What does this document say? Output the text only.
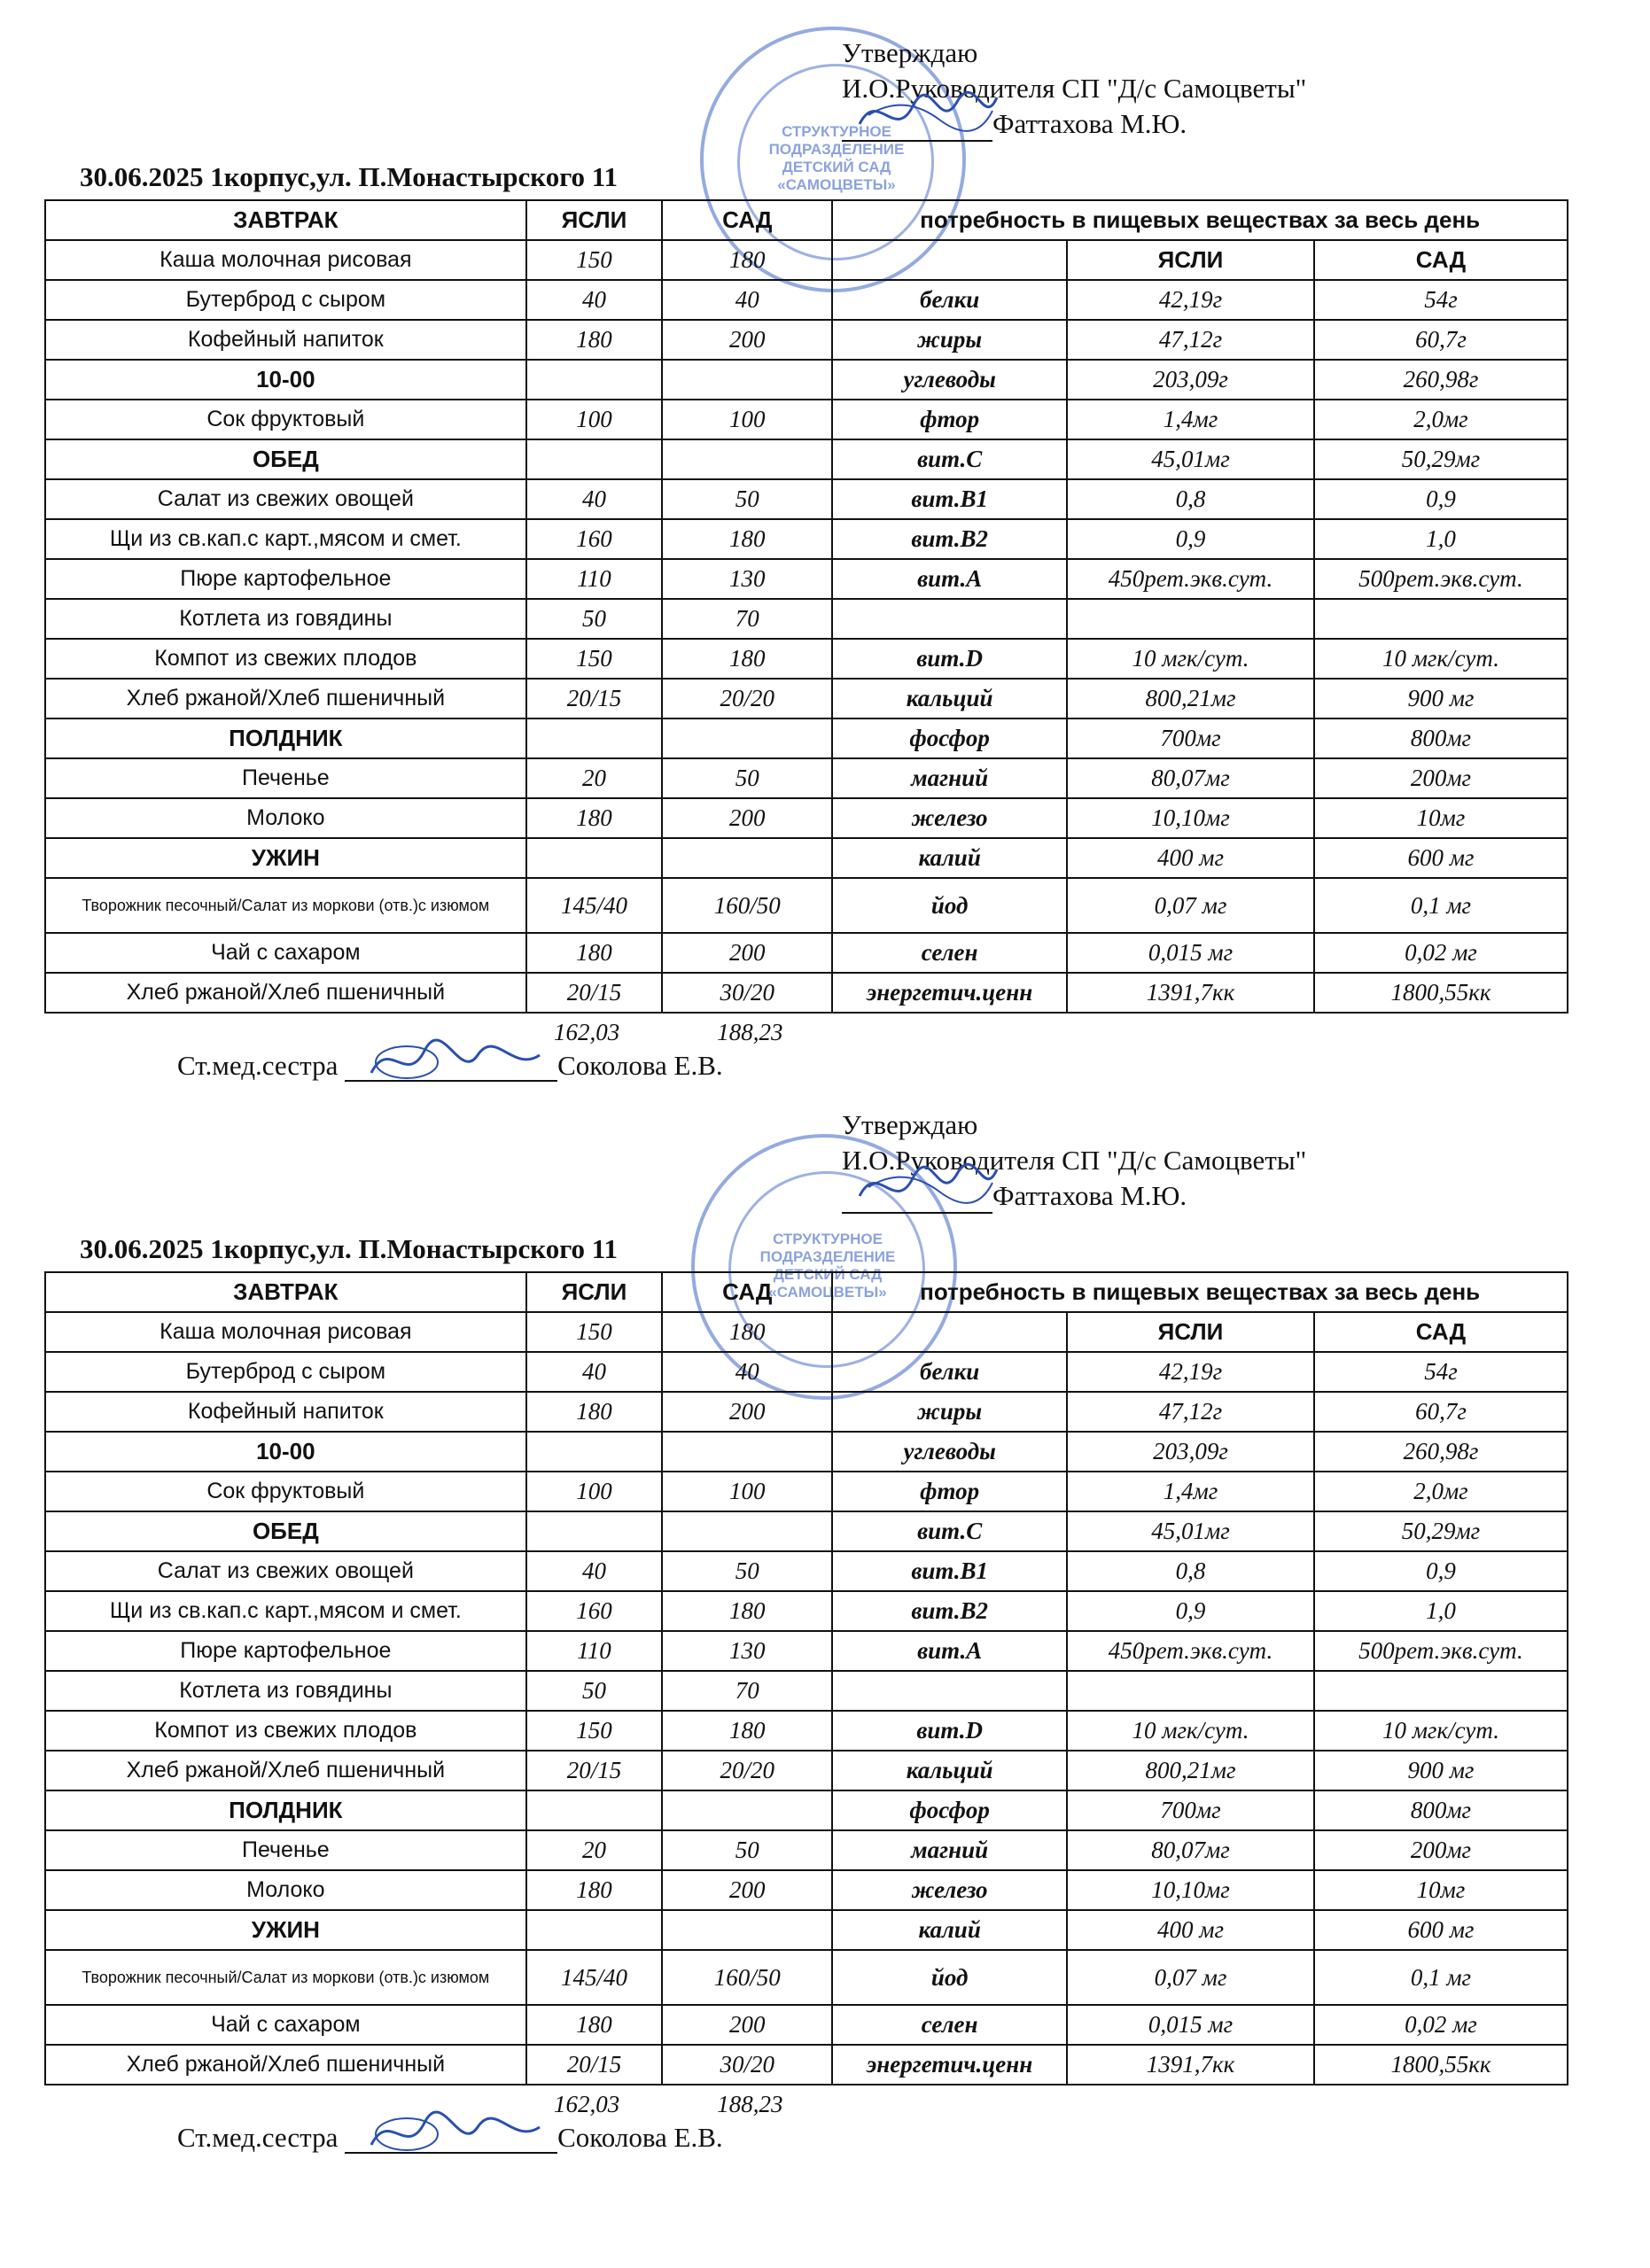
СТРУКТУРНОЕ ПОДРАЗДЕЛЕНИЕ ДЕТСКИЙ САД «САМОЦВЕТЫ»
Утверждаю
И.О.Руководителя СП "Д/с Самоцветы"
Фаттахова М.Ю.
30.06.2025 1корпус,ул. П.Монастырского 11
ЗАВТРАК	ЯСЛИ	САД	потребность в пищевых веществах за весь день		
Каша молочная рисовая	150	180		ЯСЛИ	САД
Бутерброд с сыром	40	40	белки	42,19г	54г
Кофейный напиток	180	200	жиры	47,12г	60,7г
10-00			углеводы	203,09г	260,98г
Сок фруктовый	100	100	фтор	1,4мг	2,0мг
ОБЕД			вит.С	45,01мг	50,29мг
Салат из свежих овощей	40	50	вит.В1	0,8	0,9
Щи из св.кап.с карт.,мясом и смет.	160	180	вит.В2	0,9	1,0
Пюре картофельное	110	130	вит.А	450рет.экв.сут.	500рет.экв.сут.
Котлета из говядины	50	70			
Компот из свежих плодов	150	180	вит.D	10 мгк/сут.	10 мгк/сут.
Хлеб ржаной/Хлеб пшеничный	20/15	20/20	кальций	800,21мг	900 мг
ПОЛДНИК			фосфор	700мг	800мг
Печенье	20	50	магний	80,07мг	200мг
Молоко	180	200	железо	10,10мг	10мг
УЖИН			калий	400 мг	600 мг
Творожник песочный/Салат из моркови (отв.)с изюмом	145/40	160/50	йод	0,07 мг	0,1 мг
Чай с сахаром	180	200	селен	0,015 мг	0,02 мг
Хлеб ржаной/Хлеб пшеничный	20/15	30/20	энергетич.ценн	1391,7кк	1800,55кк
162,03	188,23
Ст.мед.сестра	Соколова Е.В.
СТРУКТУРНОЕ ПОДРАЗДЕЛЕНИЕ ДЕТСКИЙ САД «САМОЦВЕТЫ»
Утверждаю
И.О.Руководителя СП "Д/с Самоцветы"
Фаттахова М.Ю.
30.06.2025 1корпус,ул. П.Монастырского 11
ЗАВТРАК	ЯСЛИ	САД	потребность в пищевых веществах за весь день		
Каша молочная рисовая	150	180		ЯСЛИ	САД
Бутерброд с сыром	40	40	белки	42,19г	54г
Кофейный напиток	180	200	жиры	47,12г	60,7г
10-00			углеводы	203,09г	260,98г
Сок фруктовый	100	100	фтор	1,4мг	2,0мг
ОБЕД			вит.С	45,01мг	50,29мг
Салат из свежих овощей	40	50	вит.В1	0,8	0,9
Щи из св.кап.с карт.,мясом и смет.	160	180	вит.В2	0,9	1,0
Пюре картофельное	110	130	вит.А	450рет.экв.сут.	500рет.экв.сут.
Котлета из говядины	50	70			
Компот из свежих плодов	150	180	вит.D	10 мгк/сут.	10 мгк/сут.
Хлеб ржаной/Хлеб пшеничный	20/15	20/20	кальций	800,21мг	900 мг
ПОЛДНИК			фосфор	700мг	800мг
Печенье	20	50	магний	80,07мг	200мг
Молоко	180	200	железо	10,10мг	10мг
УЖИН			калий	400 мг	600 мг
Творожник песочный/Салат из моркови (отв.)с изюмом	145/40	160/50	йод	0,07 мг	0,1 мг
Чай с сахаром	180	200	селен	0,015 мг	0,02 мг
Хлеб ржаной/Хлеб пшеничный	20/15	30/20	энергетич.ценн	1391,7кк	1800,55кк
162,03	188,23
Ст.мед.сестра	Соколова Е.В.
